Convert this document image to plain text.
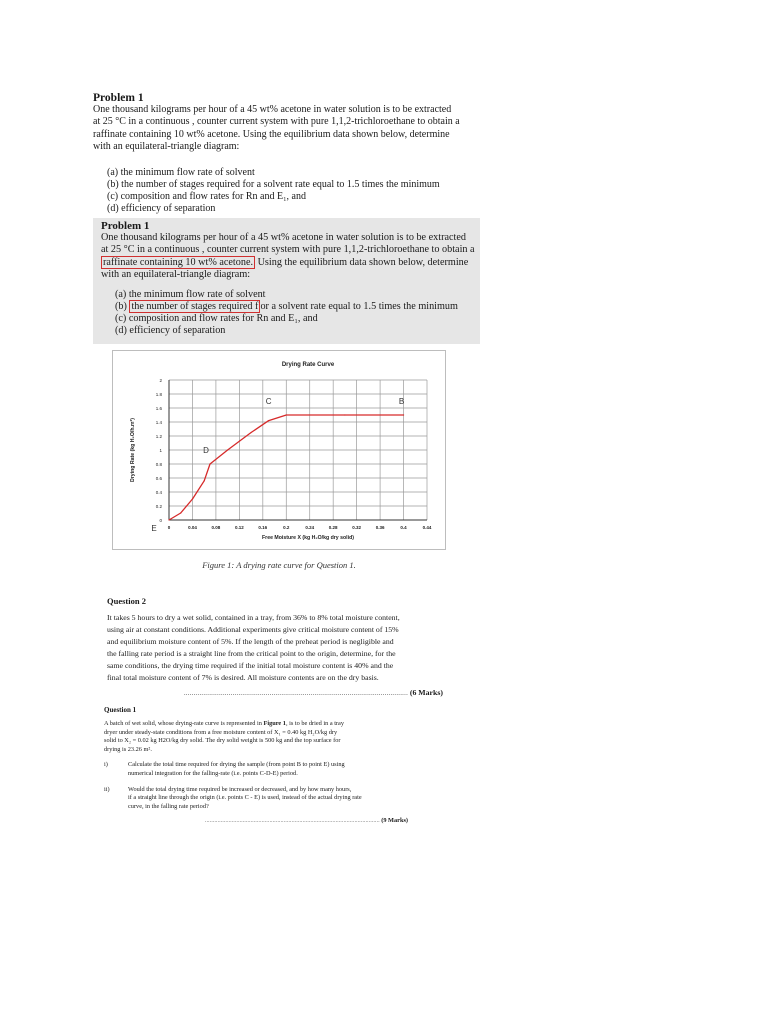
Problem 1
One thousand kilograms per hour of a 45 wt% acetone in water solution is to be extracted
at 25 °C in a continuous , counter current system with pure 1,1,2-trichloroethane to obtain a
raffinate containing 10 wt% acetone. Using the equilibrium data shown below, determine
with an equilateral-triangle diagram:
(a) the minimum flow rate of solvent
(b) the number of stages required for a solvent rate equal to 1.5 times the minimum
(c) composition and flow rates for Rn and E₁, and
(d) efficiency of separation
Problem 1
One thousand kilograms per hour of a 45 wt% acetone in water solution is to be extracted
at 25 °C in a continuous , counter current system with pure 1,1,2-trichloroethane to obtain a
raffinate containing 10 wt% acetone. Using the equilibrium data shown below, determine
with an equilateral-triangle diagram:
(a) the minimum flow rate of solvent
(b) the number of stages required f or a solvent rate equal to 1.5 times the minimum
(c) composition and flow rates for Rn and E₁, and
(d) efficiency of separation
Drying Rate Curve
0
0.2
0.4
0.6
0.8
1
1.2
1.4
1.6
1.8
2
0	0.04	0.08	0.12	0.16	0.2	0.24	0.28	0.32	0.36	0.4	0.44
Free Moisture X (kg H₂O/kg dry solid)
Drying Rate (kg H₂O/h.m²)
B
C
D
E
Figure 1: A drying rate curve for Question 1.
Question 2
It takes 5 hours to dry a wet solid, contained in a tray, from 36% to 8% total moisture content,
using air at constant conditions. Additional experiments give critical moisture content of 15%
and equilibrium moisture content of 5%. If the length of the preheat period is negligible and
the falling rate period is a straight line from the critical point to the origin, determine, for the
same conditions, the drying time required if the initial total moisture content is 40% and the
final total moisture content of 7% is desired. All moisture contents are on the dry basis.
................................................................................................................... (6 Marks)
Question 1
A batch of wet solid, whose drying-rate curve is represented in Figure 1, is to be dried in a tray
dryer under steady-state conditions from a free moisture content of X₁ = 0.40 kg H₂O/kg dry
solid to X₂ = 0.02 kg H2O/kg dry solid. The dry solid weight is 500 kg and the top surface for
drying is 23.26 m².
i)	Calculate the total time required for drying the sample (from point B to point E) using
numerical integration for the falling-rate (i.e. points C-D-E) period.
ii)	Would the total drying time required be increased or decreased, and by how many hours,
if a straight line through the origin (i.e. points C - E) is used, instead of the actual drying rate
curve, in the falling rate period?
............................................................................................................... (9 Marks)
